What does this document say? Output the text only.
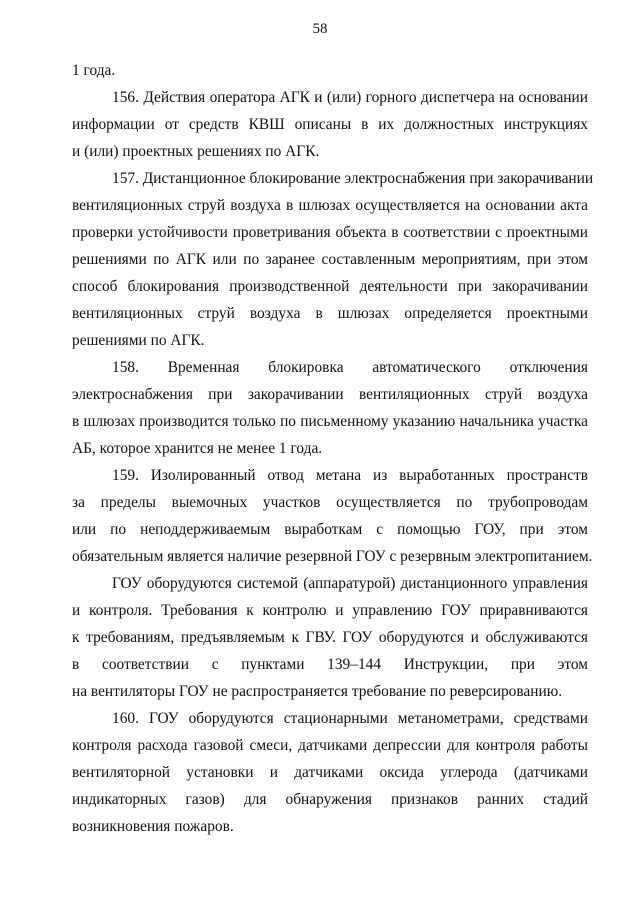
58
1 года.
156. Действия оператора АГК и (или) горного диспетчера на основании
информации от средств КВШ описаны в их должностных инструкциях
и (или) проектных решениях по АГК.
157. Дистанционное блокирование электроснабжения при закорачивании
вентиляционных струй воздуха в шлюзах осуществляется на основании акта
проверки устойчивости проветривания объекта в соответствии с проектными
решениями по АГК или по заранее составленным мероприятиям, при этом
способ блокирования производственной деятельности при закорачивании
вентиляционных струй воздуха в шлюзах определяется проектными
решениями по АГК.
158. Временная блокировка автоматического отключения
электроснабжения при закорачивании вентиляционных струй воздуха
в шлюзах производится только по письменному указанию начальника участка
АБ, которое хранится не менее 1 года.
159. Изолированный отвод метана из выработанных пространств
за пределы выемочных участков осуществляется по трубопроводам
или по неподдерживаемым выработкам с помощью ГОУ, при этом
обязательным является наличие резервной ГОУ с резервным электропитанием.
ГОУ оборудуются системой (аппаратурой) дистанционного управления
и контроля. Требования к контролю и управлению ГОУ приравниваются
к требованиям, предъявляемым к ГВУ. ГОУ оборудуются и обслуживаются
в соответствии с пунктами 139–144 Инструкции, при этом
на вентиляторы ГОУ не распространяется требование по реверсированию.
160. ГОУ оборудуются стационарными метанометрами, средствами
контроля расхода газовой смеси, датчиками депрессии для контроля работы
вентиляторной установки и датчиками оксида углерода (датчиками
индикаторных газов) для обнаружения признаков ранних стадий
возникновения пожаров.
